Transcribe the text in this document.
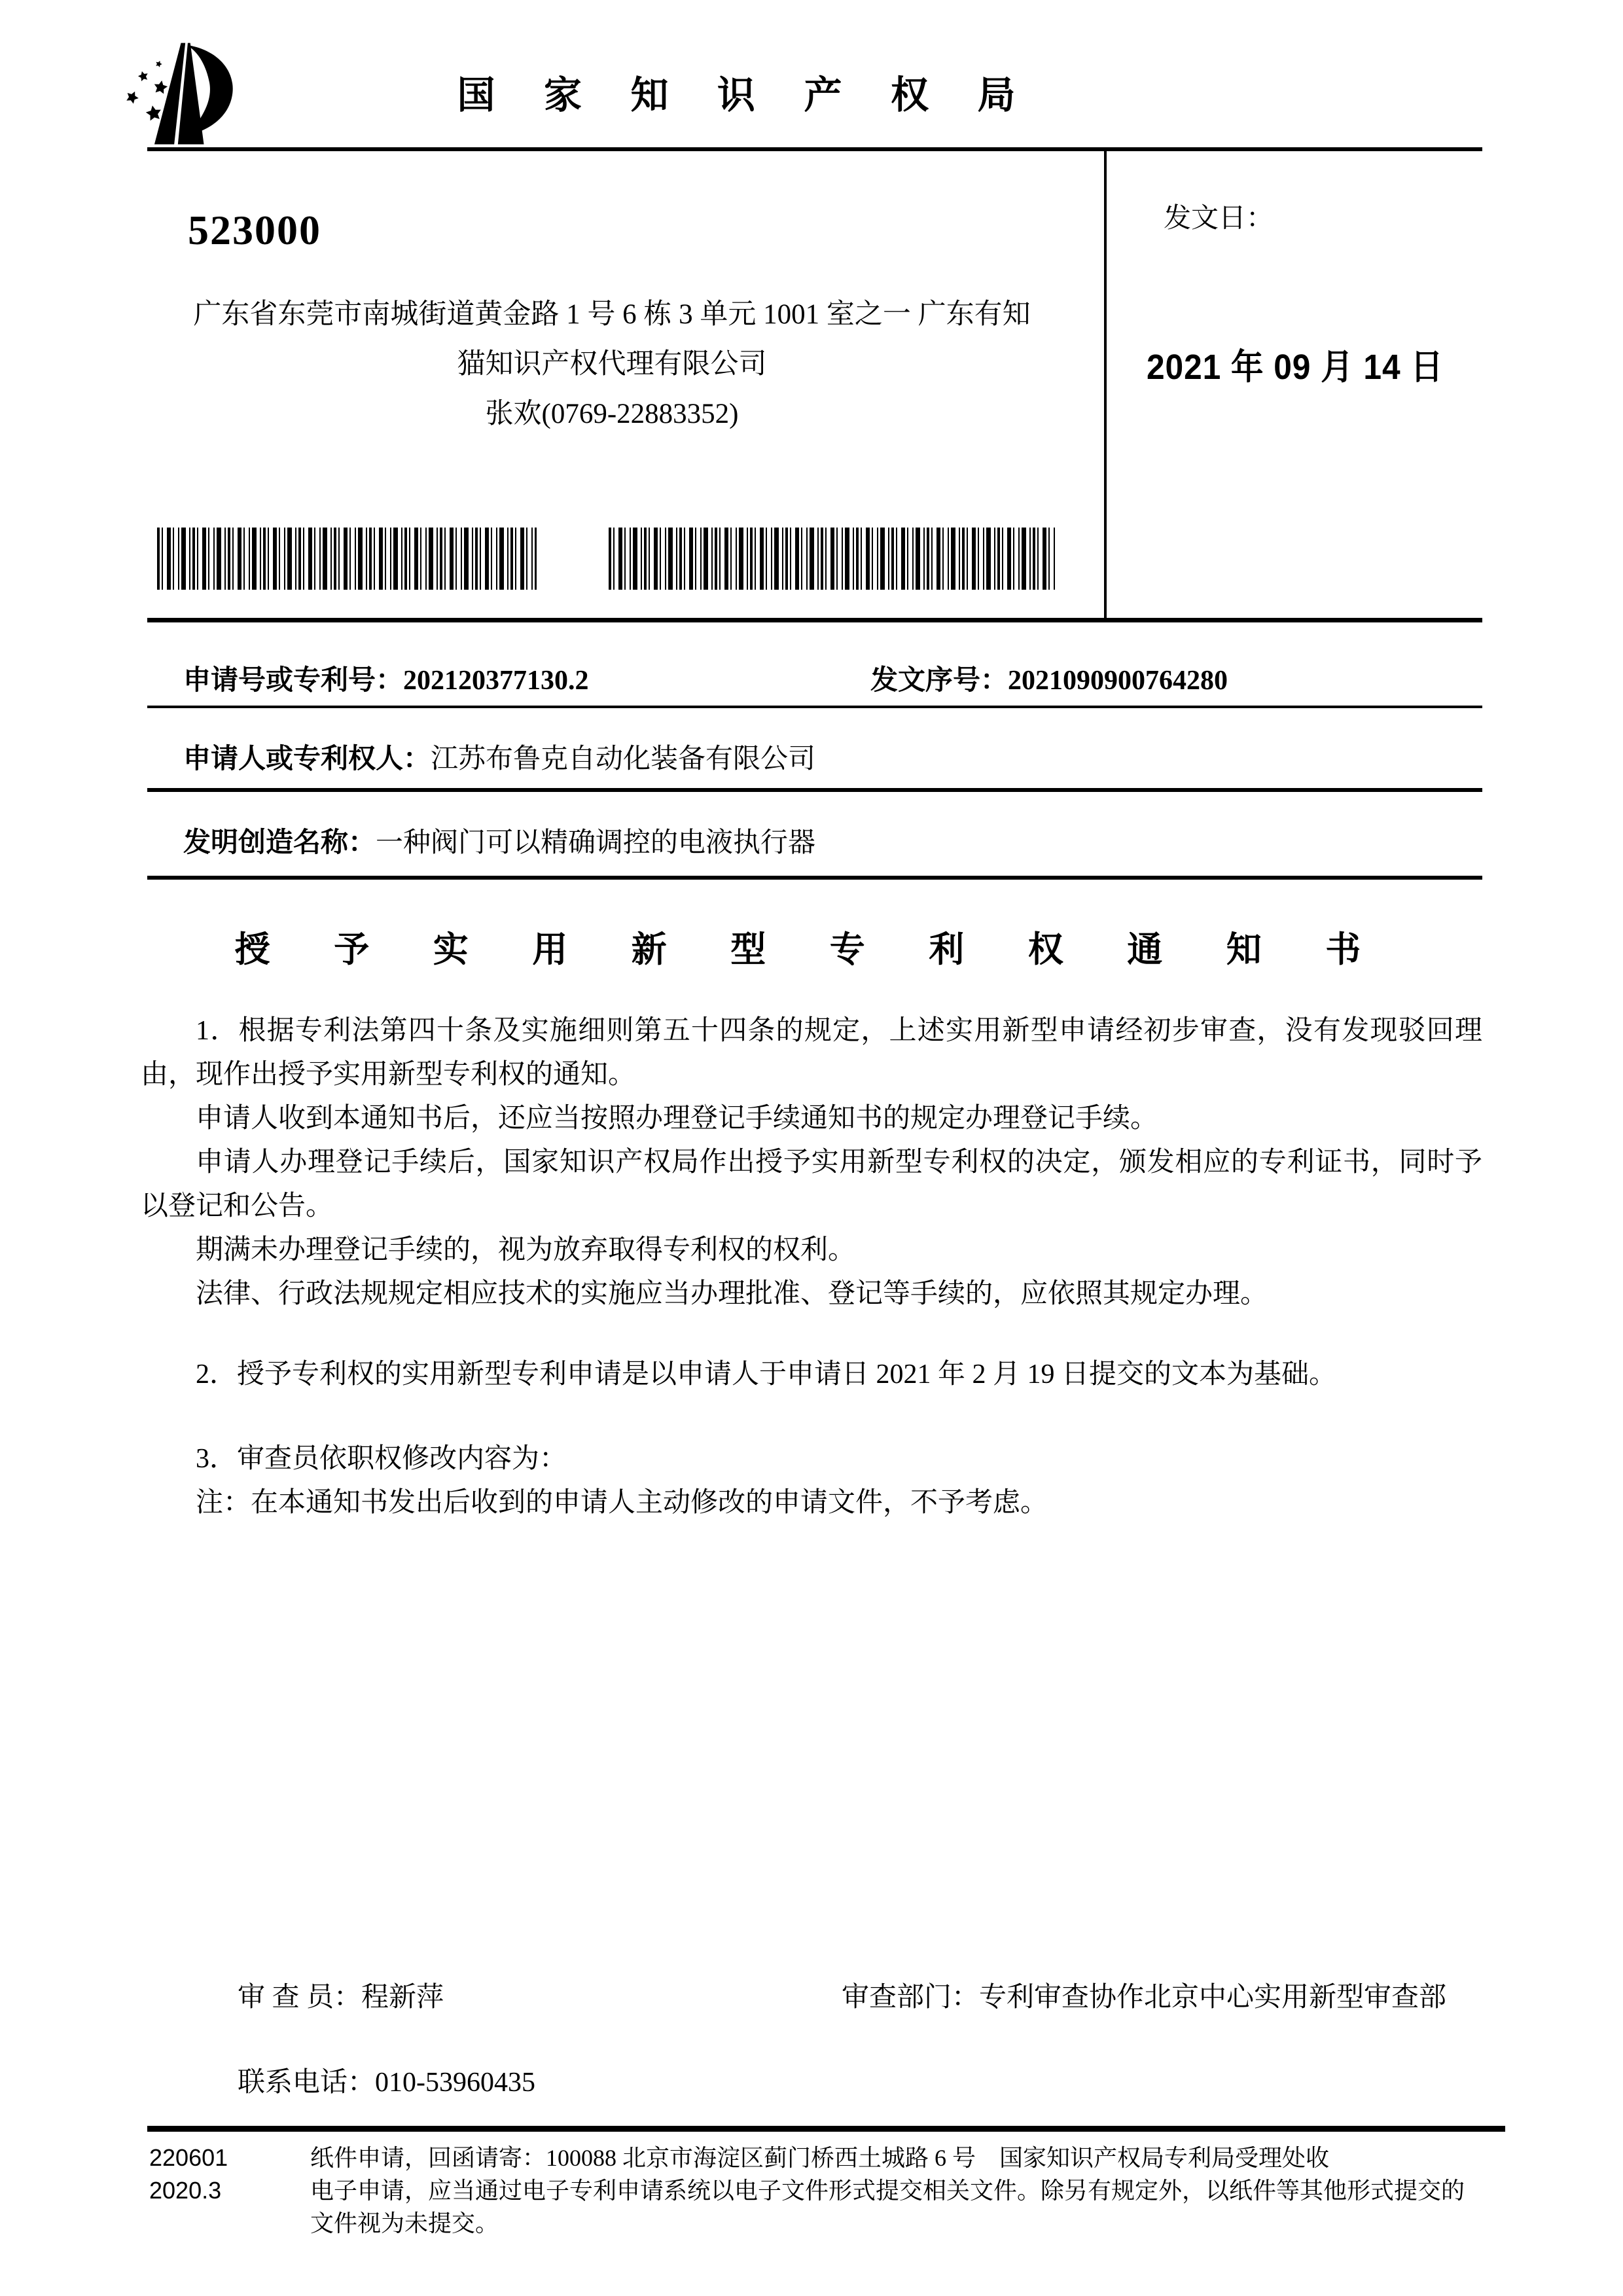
国 家 知 识 产 权 局
发文日：
2021 年 09 月 14 日
523000
广东省东莞市南城街道黄金路 1 号 6 栋 3 单元 1001 室之一 广东有知
猫知识产权代理有限公司
张欢(0769-22883352)
申请号或专利号：202120377130.2	发文序号：2021090900764280
申请人或专利权人：江苏布鲁克自动化装备有限公司
发明创造名称：一种阀门可以精确调控的电液执行器
授 予 实 用 新 型 专 利 权 通 知 书

1．根据专利法第四十条及实施细则第五十四条的规定，上述实用新型申请经初步审查，没有发现驳回理由，现作出授予实用新型专利权的通知。

申请人收到本通知书后，还应当按照办理登记手续通知书的规定办理登记手续。

申请人办理登记手续后，国家知识产权局作出授予实用新型专利权的决定，颁发相应的专利证书，同时予以登记和公告。

期满未办理登记手续的，视为放弃取得专利权的权利。

法律、行政法规规定相应技术的实施应当办理批准、登记等手续的，应依照其规定办理。

2．授予专利权的实用新型专利申请是以申请人于申请日 2021 年 2 月 19 日提交的文本为基础。

3．审查员依职权修改内容为：

注：在本通知书发出后收到的申请人主动修改的申请文件，不予考虑。

审 查 员：程新萍	审查部门：专利审查协作北京中心实用新型审查部
联系电话：010-53960435
220601
2020.3
纸件申请，回函请寄：100088 北京市海淀区蓟门桥西土城路 6 号　国家知识产权局专利局受理处收
电子申请，应当通过电子专利申请系统以电子文件形式提交相关文件。除另有规定外，以纸件等其他形式提交的
文件视为未提交。
